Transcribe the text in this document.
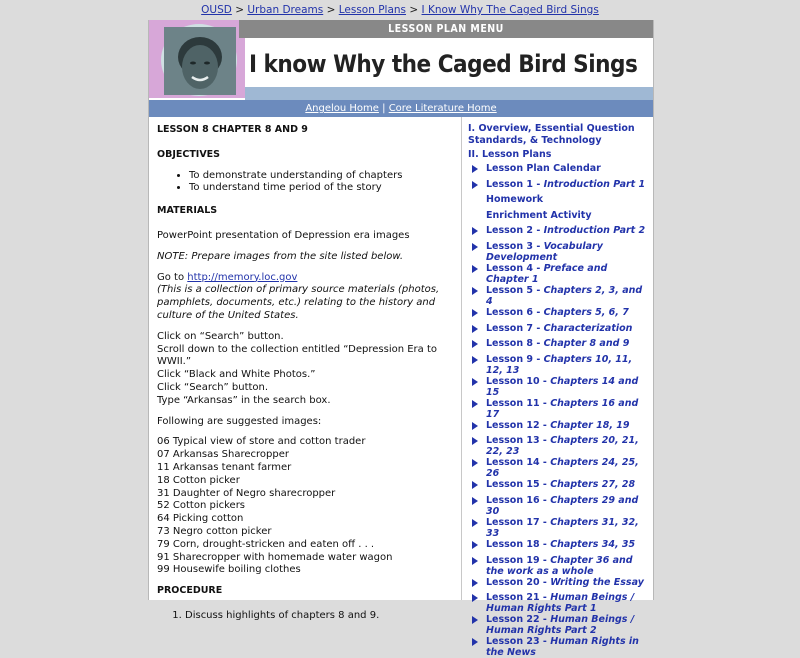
OUSD > Urban Dreams > Lesson Plans > I Know Why The Caged Bird Sings
LESSON PLAN MENU
I know Why the Caged Bird Sings
Angelou Home | Core Literature Home
LESSON 8 CHAPTER 8 AND 9
OBJECTIVES
• To demonstrate understanding of chapters
• To understand time period of the story
MATERIALS
PowerPoint presentation of Depression era images
NOTE: Prepare images from the site listed below.
Go to http://memory.loc.gov
(This is a collection of primary source materials (photos, pamphlets, documents, etc.) relating to the history and culture of the United States.
Click on “Search” button.
Scroll down to the collection entitled “Depression Era to WWII.”
Click “Black and White Photos.”
Click “Search” button.
Type “Arkansas” in the search box.
Following are suggested images:
06 Typical view of store and cotton trader
07 Arkansas Sharecropper
11 Arkansas tenant farmer
18 Cotton picker
31 Daughter of Negro sharecropper
52 Cotton pickers
64 Picking cotton
73 Negro cotton picker
79 Corn, drought-stricken and eaten off . . .
91 Sharecropper with homemade water wagon
99 Housewife boiling clothes
PROCEDURE
1. Discuss highlights of chapters 8 and 9.
I. Overview, Essential Question Standards, & Technology
II. Lesson Plans
Lesson Plan Calendar
Lesson 1 - Introduction Part 1
Homework
Enrichment Activity
Lesson 2 - Introduction Part 2
Lesson 3 - Vocabulary Development
Lesson 4 - Preface and Chapter 1
Lesson 5 - Chapters 2, 3, and 4
Lesson 6 - Chapters 5, 6, 7
Lesson 7 - Characterization
Lesson 8 - Chapter 8 and 9
Lesson 9 - Chapters 10, 11, 12, 13
Lesson 10 - Chapters 14 and 15
Lesson 11 - Chapters 16 and 17
Lesson 12 - Chapter 18, 19
Lesson 13 - Chapters 20, 21, 22, 23
Lesson 14 - Chapters 24, 25, 26
Lesson 15 - Chapters 27, 28
Lesson 16 - Chapters 29 and 30
Lesson 17 - Chapters 31, 32, 33
Lesson 18 - Chapters 34, 35
Lesson 19 - Chapter 36 and the work as a whole
Lesson 20 - Writing the Essay
Lesson 21 - Human Beings / Human Rights Part 1
Lesson 22 - Human Beings / Human Rights Part 2
Lesson 23 - Human Rights in the News
